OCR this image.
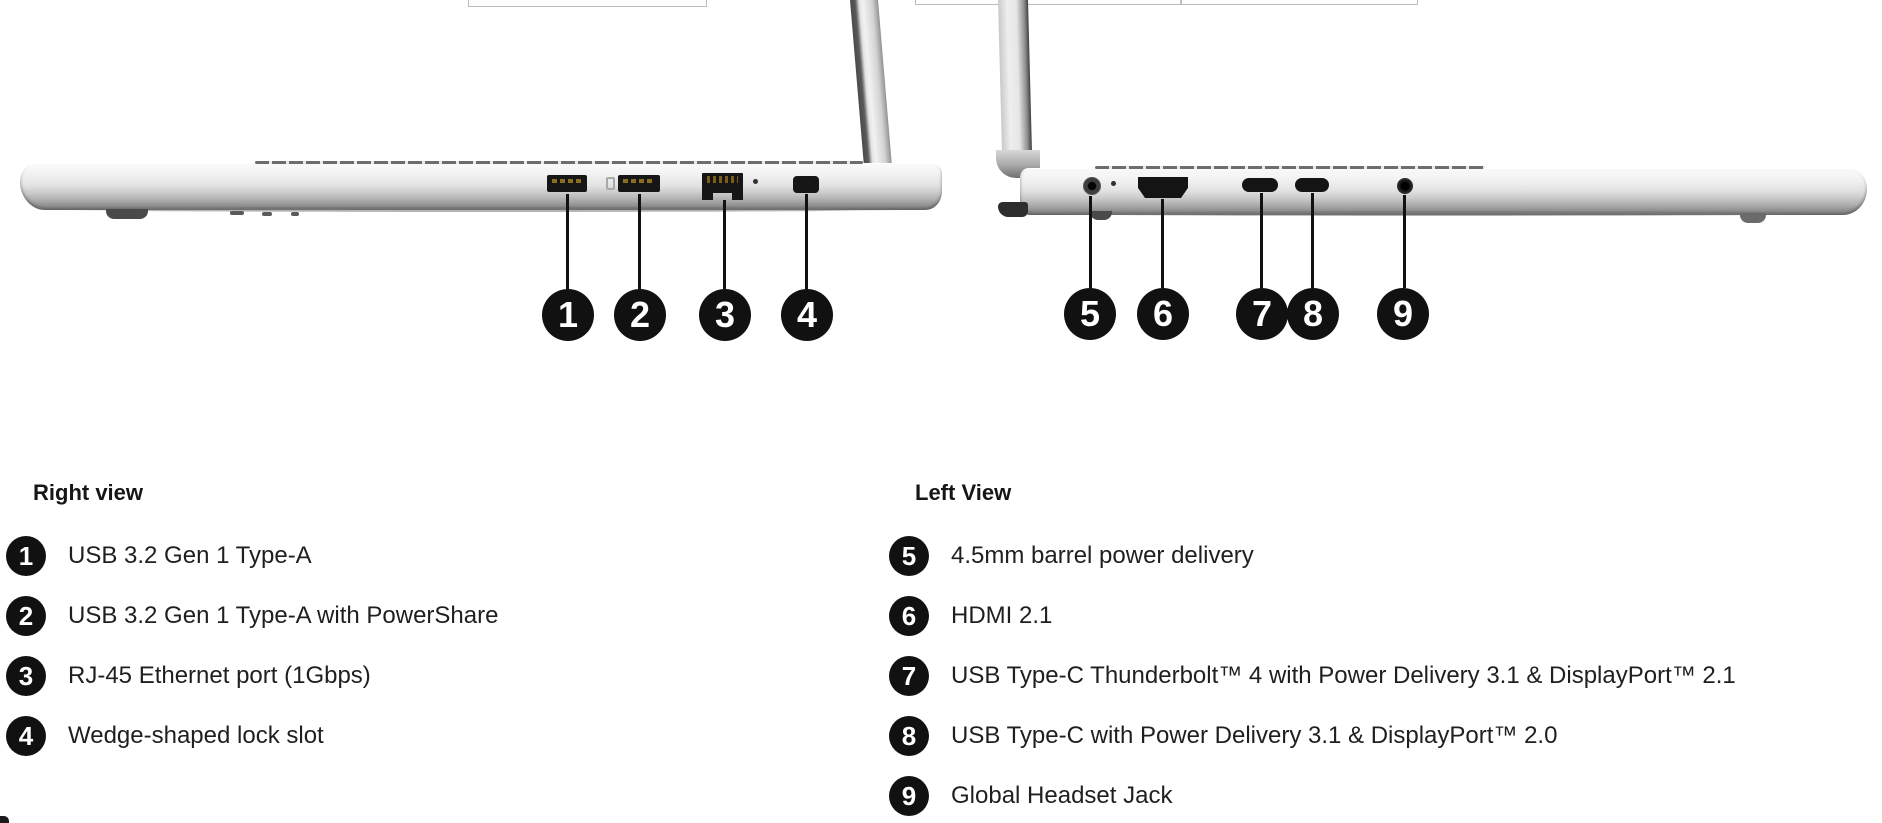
1 2 3 4	5 6 7 8 9
Right view
1 USB 3.2 Gen 1 Type-A
2 USB 3.2 Gen 1 Type-A with PowerShare
3 RJ-45 Ethernet port (1Gbps)
4 Wedge-shaped lock slot
Left View
5 4.5mm barrel power delivery
6 HDMI 2.1
7 USB Type-C Thunderbolt™ 4 with Power Delivery 3.1 & DisplayPort™ 2.1
8 USB Type-C with Power Delivery 3.1 & DisplayPort™ 2.0
9 Global Headset Jack
